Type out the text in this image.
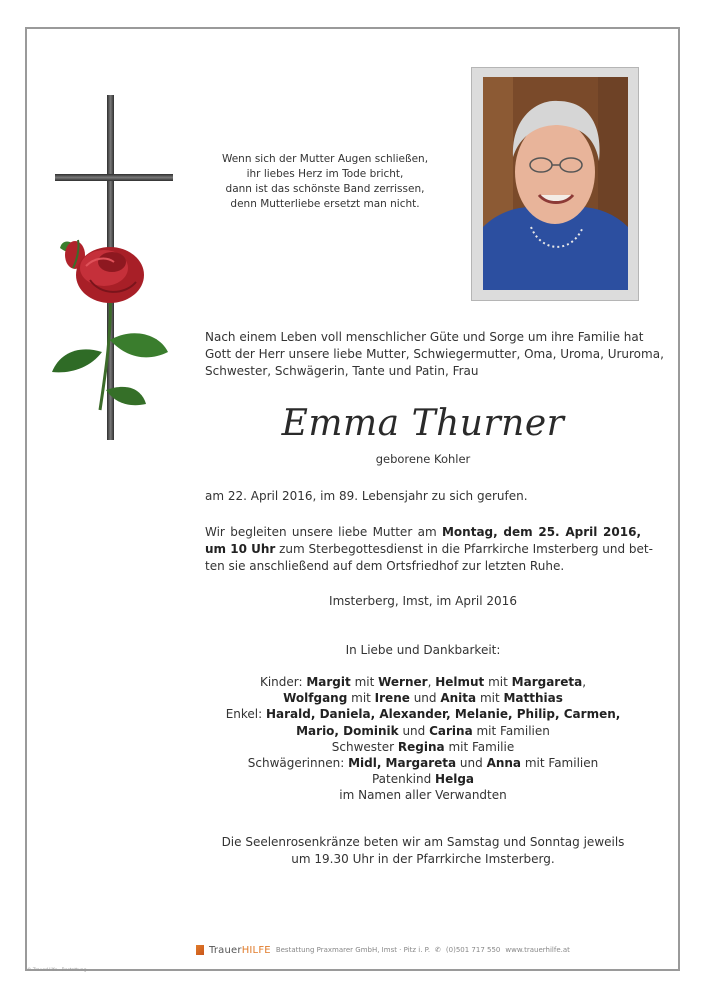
Wenn sich der Mutter Augen schließen,
ihr liebes Herz im Tode bricht,
dann ist das schönste Band zerrissen,
denn Mutterliebe ersetzt man nicht.
Nach einem Leben voll menschlicher Güte und Sorge um ihre Familie hat
Gott der Herr unsere liebe Mutter, Schwiegermutter, Oma, Uroma, Ururoma,
Schwester, Schwägerin, Tante und Patin, Frau
Emma Thurner
geborene Kohler
am 22. April 2016, im 89. Lebensjahr zu sich gerufen.
Wir begleiten unsere liebe Mutter am Montag, dem 25. April 2016,
um 10 Uhr zum Sterbegottesdienst in die Pfarrkirche Imsterberg und bet-
ten sie anschließend auf dem Ortsfriedhof zur letzten Ruhe.
Imsterberg, Imst, im April 2016
In Liebe und Dankbarkeit:
Kinder: Margit mit Werner, Helmut mit Margareta,
Wolfgang mit Irene und Anita mit Matthias
Enkel: Harald, Daniela, Alexander, Melanie, Philip, Carmen,
Mario, Dominik und Carina mit Familien
Schwester Regina mit Familie
Schwägerinnen: Midl, Margareta und Anna mit Familien
Patenkind Helga
im Namen aller Verwandten
Die Seelenrosenkränze beten wir am Samstag und Sonntag jeweils
um 19.30 Uhr in der Pfarrkirche Imsterberg.
TrauerHILFE Bestattung Praxmarer GmbH, Imst · Pitz i. P. ✆ (0)501 717 550 www.trauerhilfe.at
© TrauerHilfe · Bestattung
